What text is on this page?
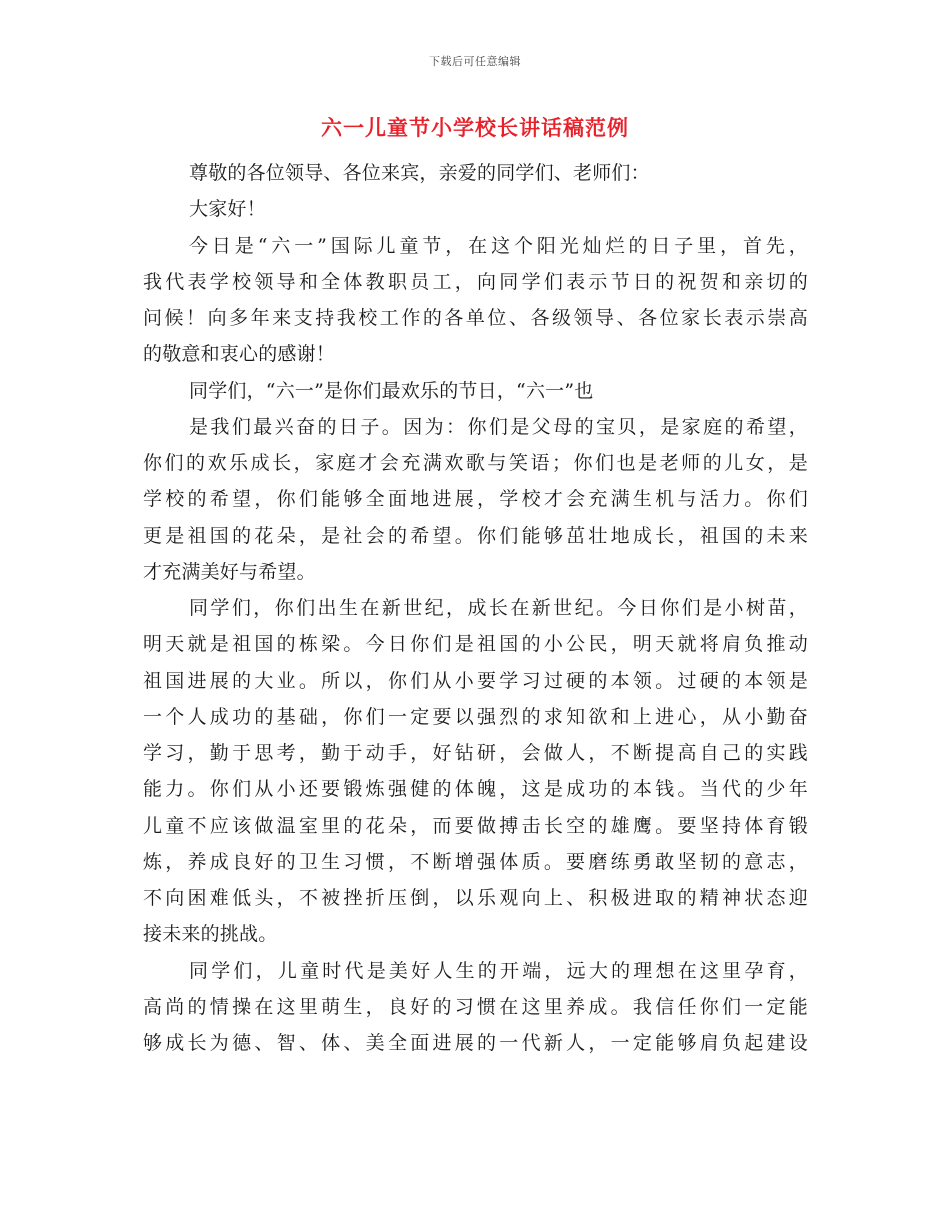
下载后可任意编辑
六一儿童节小学校长讲话稿范例
尊敬的各位领导、各位来宾，亲爱的同学们、老师们：
大家好！
今日是“六一”国际儿童节，在这个阳光灿烂的日子里，首先，
我代表学校领导和全体教职员工，向同学们表示节日的祝贺和亲切的
问候！向多年来支持我校工作的各单位、各级领导、各位家长表示崇高
的敬意和衷心的感谢！
同学们，“六一”是你们最欢乐的节日，“六一”也
是我们最兴奋的日子。因为：你们是父母的宝贝，是家庭的希望，
你们的欢乐成长，家庭才会充满欢歌与笑语；你们也是老师的儿女，是
学校的希望，你们能够全面地进展，学校才会充满生机与活力。你们
更是祖国的花朵，是社会的希望。你们能够茁壮地成长，祖国的未来
才充满美好与希望。
同学们，你们出生在新世纪，成长在新世纪。今日你们是小树苗，
明天就是祖国的栋梁。今日你们是祖国的小公民，明天就将肩负推动
祖国进展的大业。所以，你们从小要学习过硬的本领。过硬的本领是
一个人成功的基础，你们一定要以强烈的求知欲和上进心，从小勤奋
学习，勤于思考，勤于动手，好钻研，会做人，不断提高自己的实践
能力。你们从小还要锻炼强健的体魄，这是成功的本钱。当代的少年
儿童不应该做温室里的花朵，而要做搏击长空的雄鹰。要坚持体育锻
炼，养成良好的卫生习惯，不断增强体质。要磨练勇敢坚韧的意志，
不向困难低头，不被挫折压倒，以乐观向上、积极进取的精神状态迎
接未来的挑战。
同学们，儿童时代是美好人生的开端，远大的理想在这里孕育，
高尚的情操在这里萌生，良好的习惯在这里养成。我信任你们一定能
够成长为德、智、体、美全面进展的一代新人，一定能够肩负起建设
